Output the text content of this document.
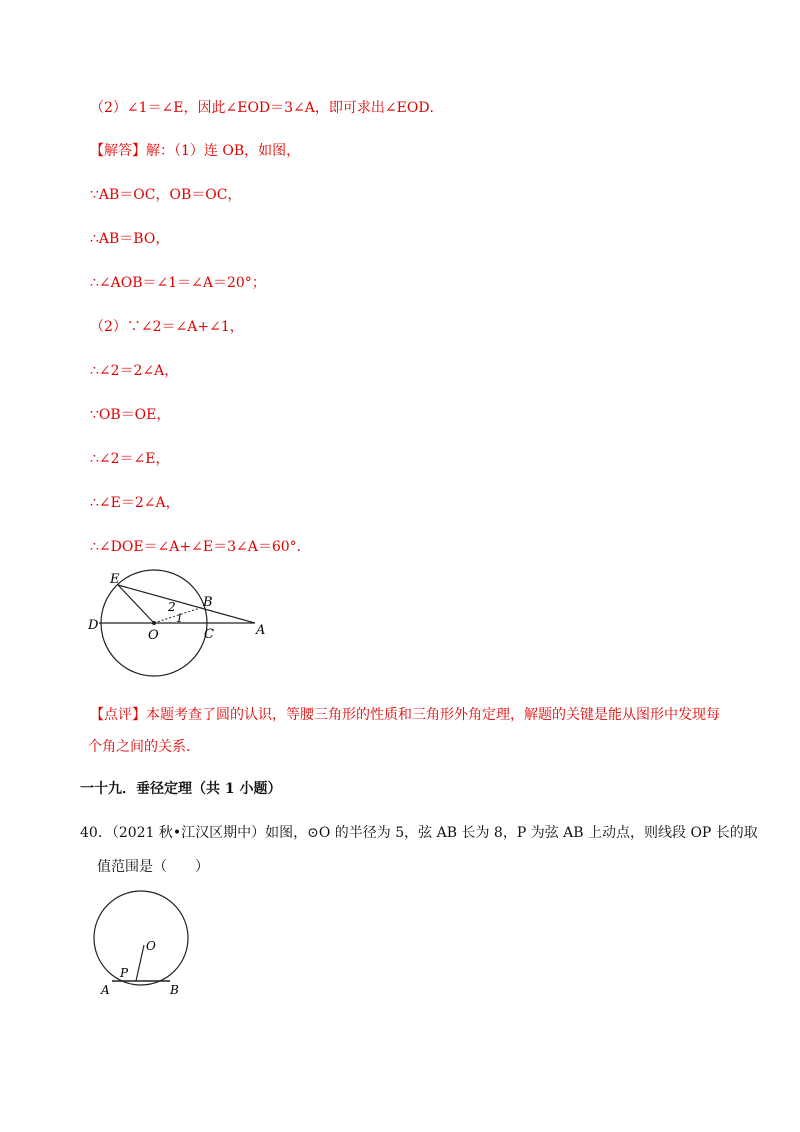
（2）∠1＝∠E，因此∠EOD＝3∠A，即可求出∠EOD．
【解答】解：（1）连 OB，如图，
∵AB＝OC，OB＝OC，
∴AB＝BO，
∴∠AOB＝∠1＝∠A＝20°；
（2）∵∠2＝∠A+∠1，
∴∠2＝2∠A，
∵OB＝OE，
∴∠2＝∠E，
∴∠E＝2∠A，
∴∠DOE＝∠A+∠E＝3∠A＝60°．
E
B
D
O	C	A
1
2
【点评】本题考查了圆的认识，等腰三角形的性质和三角形外角定理，解题的关键是能从图形中发现每
个角之间的关系．
一十九．垂径定理（共 1 小题）
40．（2021 秋•江汉区期中）如图，⊙O 的半径为 5，弦 AB 长为 8，P 为弦 AB 上动点，则线段 OP 长的取
值范围是（　　）
O
P
A	B
